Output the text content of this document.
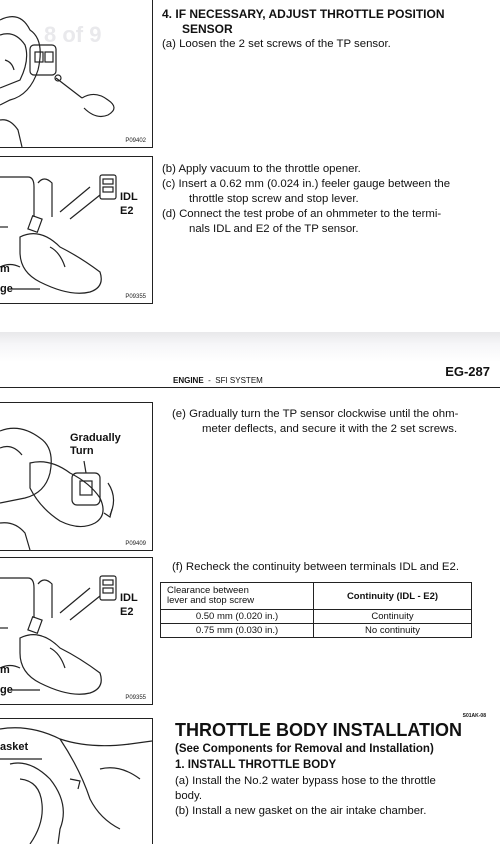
8 of 9
P09402
4. IF NECESSARY, ADJUST THROTTLE POSITION
SENSOR

(a) Loosen the 2 set screws of the TP sensor.

IDL
E2
m
ge
P09355

(b) Apply vacuum to the throttle opener.

(c) Insert a 0.62 mm (0.024 in.) feeler gauge between the

throttle stop screw and stop lever.

(d) Connect the test probe of an ohmmeter to the termi-

nals IDL and E2 of the TP sensor.

EG-287
ENGINE - SFI SYSTEM
Gradually
Turn
P09409

(e) Gradually turn the TP sensor clockwise until the ohm-

meter deflects, and secure it with the 2 set screws.

(f) Recheck the continuity between terminals IDL and E2.
Clearance between
lever and stop screw	Continuity (IDL - E2)
0.50 mm (0.020 in.)	Continuity
0.75 mm (0.030 in.)	No continuity
IDL
E2
m
ge
P09355
asket
S01AK-08
THROTTLE BODY INSTALLATION
(See Components for Removal and Installation)
1. INSTALL THROTTLE BODY

(a) Install the No.2 water bypass hose to the throttle

body.

(b) Install a new gasket on the air intake chamber.
